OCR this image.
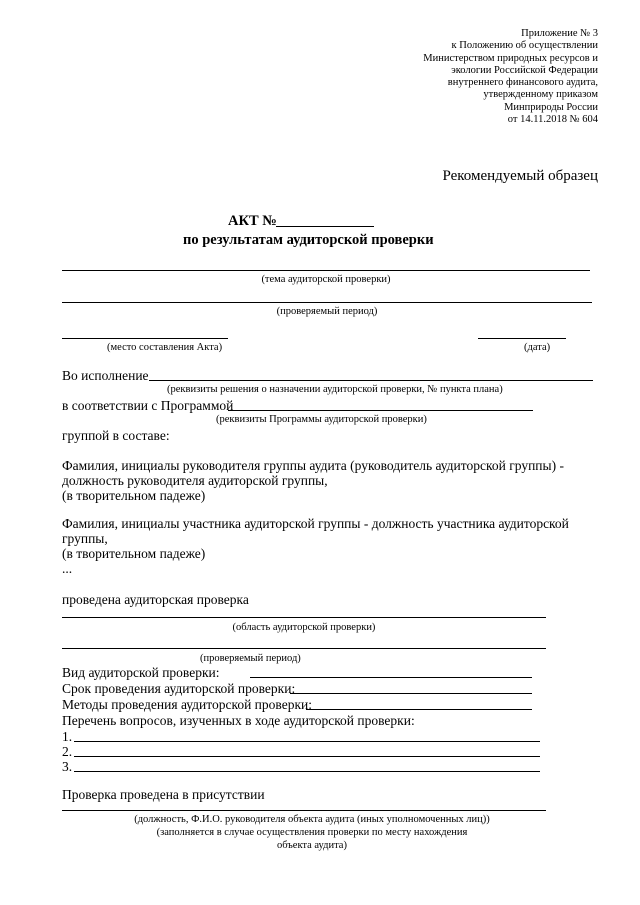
Приложение № 3
к Положению об осуществлении
Министерством природных ресурсов и
экологии Российской Федерации
внутреннего финансового аудита,
утвержденному приказом
Минприроды России
от 14.11.2018 № 604
Рекомендуемый образец
АКТ №
по результатам аудиторской проверки
(тема аудиторской проверки)
(проверяемый период)
(место составления Акта)	(дата)
Во исполнение
(реквизиты решения о назначении аудиторской проверки, № пункта плана)
в соответствии с Программой
(реквизиты Программы аудиторской проверки)
группой в составе:
Фамилия, инициалы руководителя группы аудита (руководитель аудиторской группы) -
должность руководителя аудиторской группы,
(в творительном падеже)
Фамилия, инициалы участника аудиторской группы - должность участника аудиторской
группы,
(в творительном падеже)
...
проведена аудиторская проверка
(область аудиторской проверки)
(проверяемый период)
Вид аудиторской проверки:
Срок проведения аудиторской проверки:
Методы проведения аудиторской проверки:
Перечень вопросов, изученных в ходе аудиторской проверки:
1.
2.
3.
Проверка проведена в присутствии
(должность, Ф.И.О. руководителя объекта аудита (иных уполномоченных лиц))
(заполняется в случае осуществления проверки по месту нахождения
объекта аудита)
